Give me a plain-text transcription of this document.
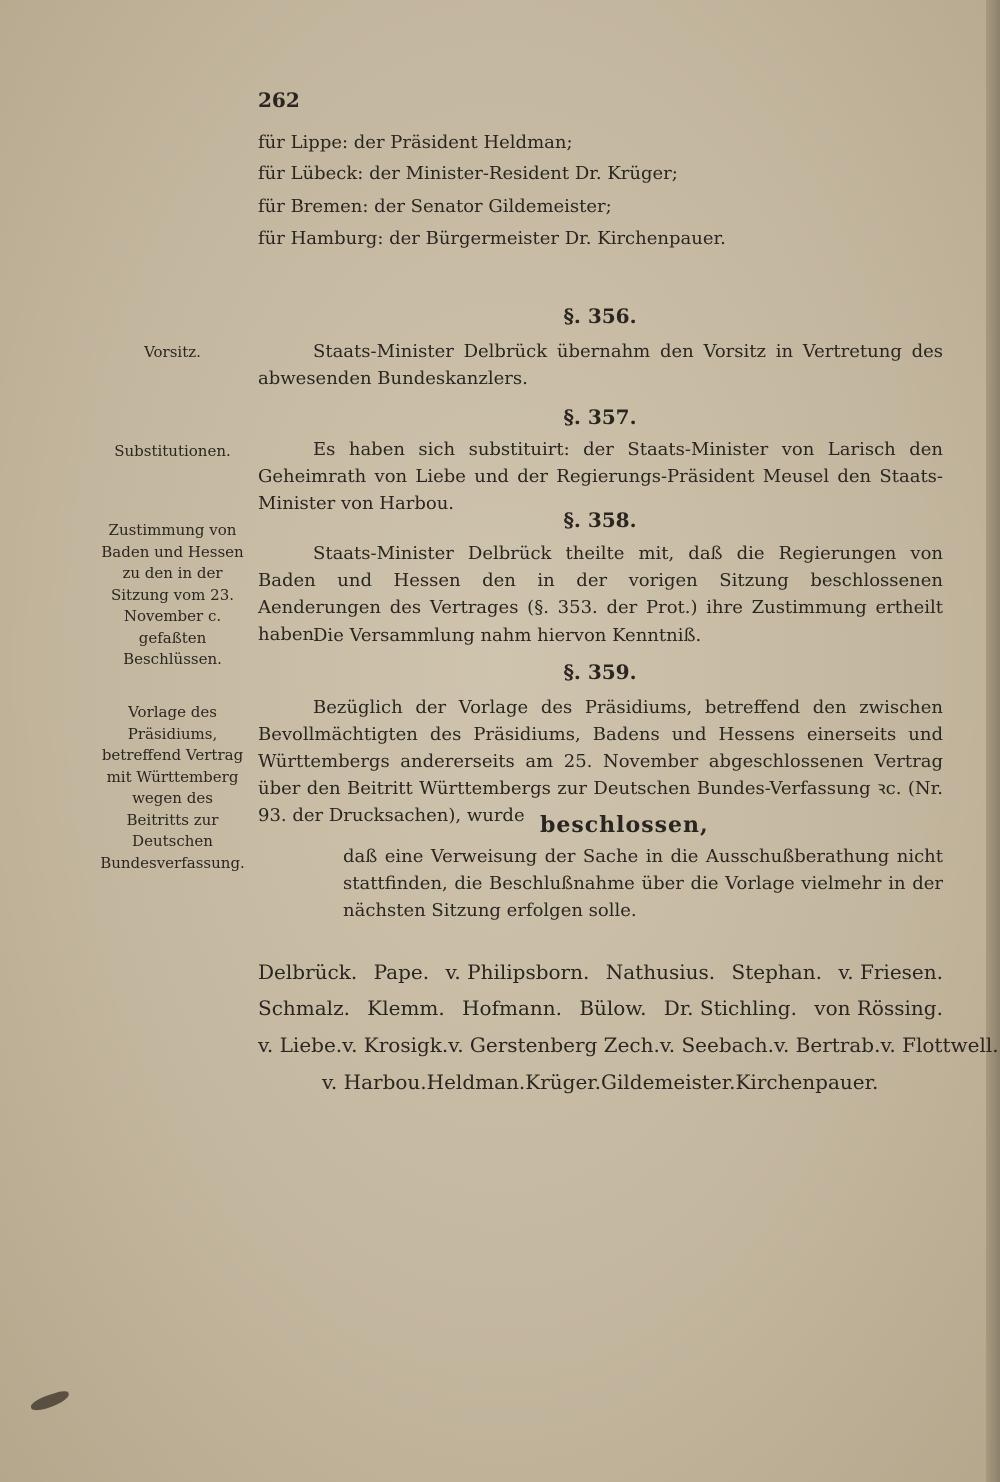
262
für Lippe: der Präsident Heldman;
für Lübeck: der Minister-Resident Dr. Krüger;
für Bremen: der Senator Gildemeister;
für Hamburg: der Bürgermeister Dr. Kirchenpauer.
§. 356.
Vorsitz.	Staats-Minister Delbrück übernahm den Vorsitz in Vertretung des abwesenden Bundeskanzlers.
§. 357.
Substitutionen.	Es haben sich substituirt: der Staats-Minister von Larisch den Geheimrath von Liebe und der Regierungs-Präsident Meusel den Staats-Minister von Harbou.
§. 358.
Zustimmung von Baden und Hessen zu den in der Sitzung vom 23. November c. gefaßten Beschlüssen.
Staats-Minister Delbrück theilte mit, daß die Regierungen von Baden und Hessen den in der vorigen Sitzung beschlossenen Aenderungen des Vertrages (§. 353. der Prot.) ihre Zustimmung ertheilt haben.
Die Versammlung nahm hiervon Kenntniß.
§. 359.
Vorlage des Präsidiums, betreffend Vertrag mit Württemberg wegen des Beitritts zur Deutschen Bundesverfassung.
Bezüglich der Vorlage des Präsidiums, betreffend den zwischen Bevollmächtigten des Präsidiums, Badens und Hessens einerseits und Württembergs andererseits am 25. November abgeschlossenen Vertrag über den Beitritt Württembergs zur Deutschen Bundes-Verfassung ꝛc. (Nr. 93. der Drucksachen), wurde beschlossen,
daß eine Verweisung der Sache in die Ausschußberathung nicht stattfinden, die Beschlußnahme über die Vorlage vielmehr in der nächsten Sitzung erfolgen solle.
Delbrück. Pape. v. Philipsborn. Nathusius. Stephan. v. Friesen.
Schmalz. Klemm. Hofmann. Bülow. Dr. Stichling. von Rössing.
v. Liebe. v. Krosigk. v. Gerstenberg Zech. v. Seebach. v. Bertrab. v. Flottwell.
v. Harbou. Heldman. Krüger. Gildemeister. Kirchenpauer.
